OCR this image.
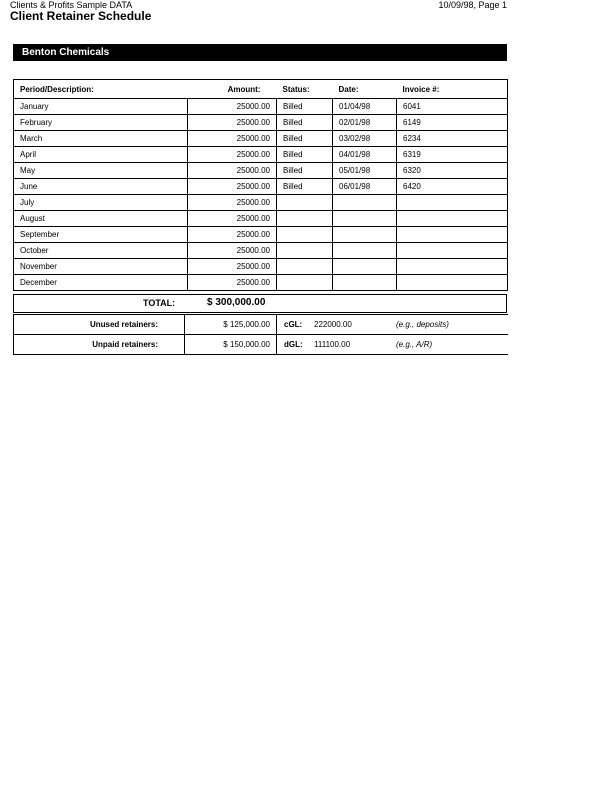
Clients & Profits Sample DATA
Client Retainer Schedule
10/09/98, Page 1
Benton Chemicals
Period/Description:	Amount:	Status:	Date:	Invoice #:
January	25000.00	Billed	01/04/98	6041
February	25000.00	Billed	02/01/98	6149
March	25000.00	Billed	03/02/98	6234
April	25000.00	Billed	04/01/98	6319
May	25000.00	Billed	05/01/98	6320
June	25000.00	Billed	06/01/98	6420
July	25000.00			
August	25000.00			
September	25000.00			
October	25000.00			
November	25000.00			
December	25000.00			
TOTAL:	$ 300,000.00
Unused retainers:	$ 125,000.00	cGL: 222000.00 (e.g., deposits)
Unpaid retainers:	$ 150,000.00	dGL: 111100.00 (e.g., A/R)
